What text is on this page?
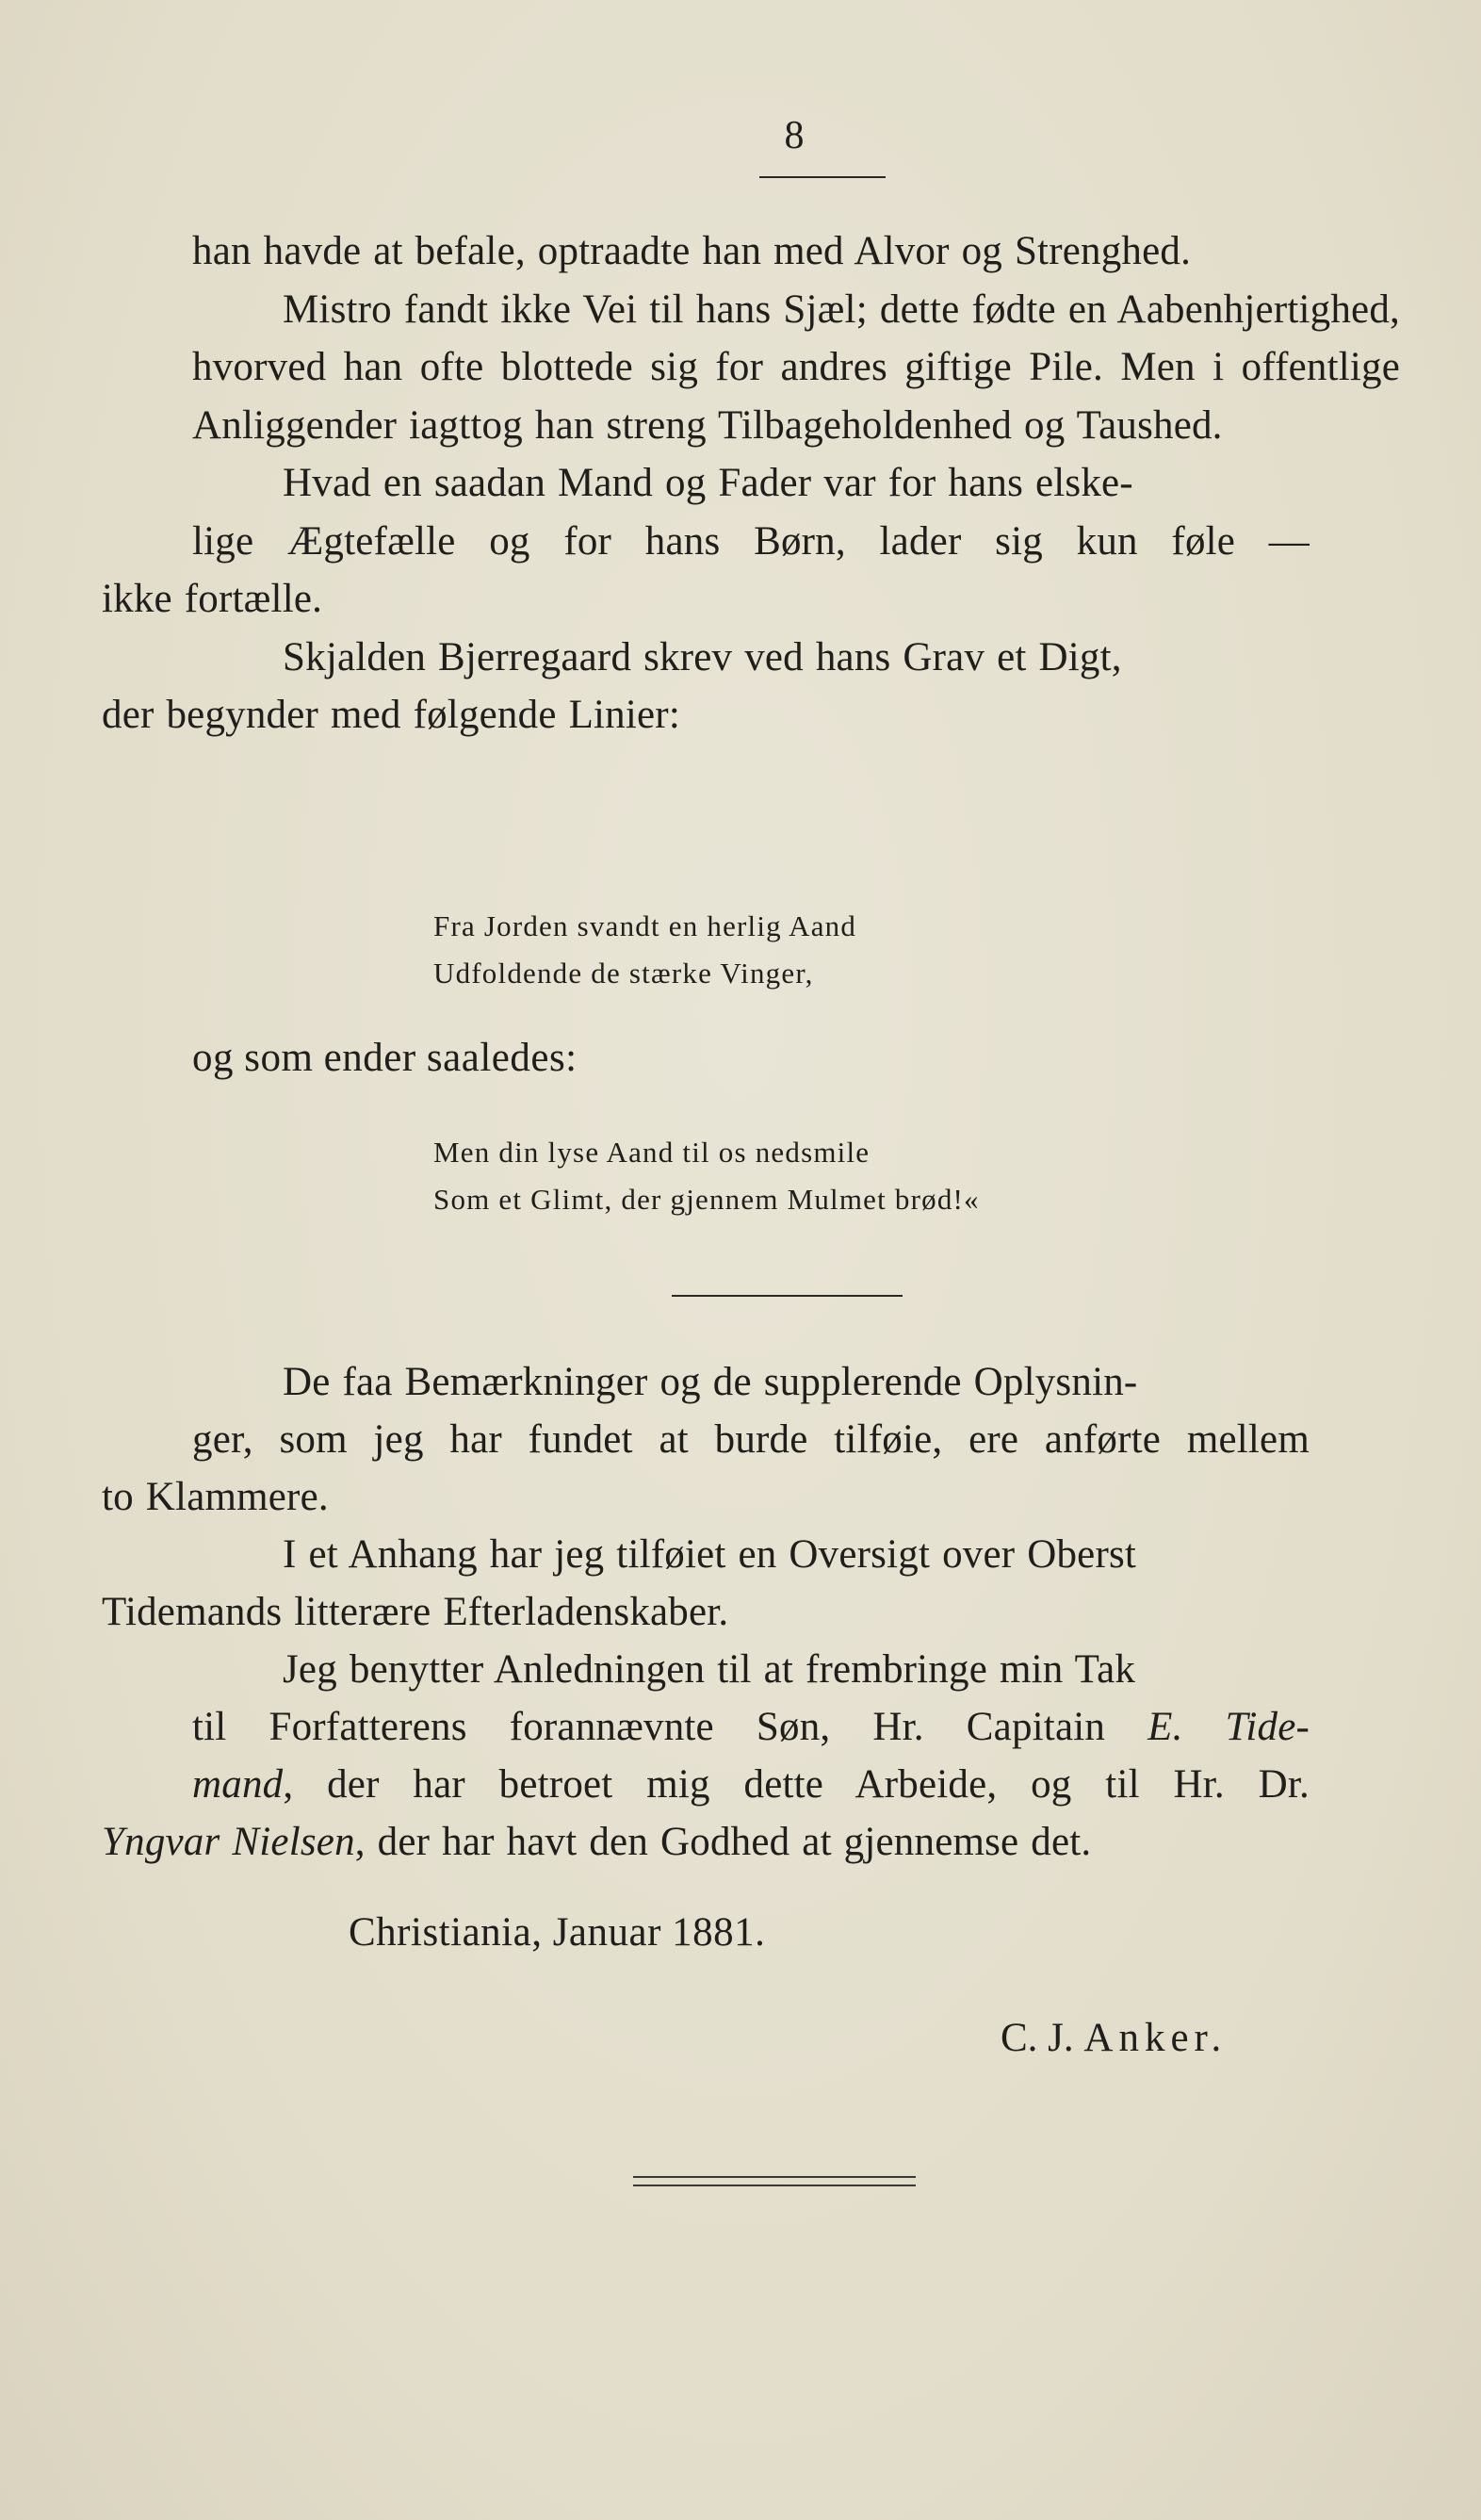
8

han havde at befale, optraadte han med Alvor og Strenghed.

Mistro fandt ikke Vei til hans Sjæl; dette fødte en Aabenhjertighed, hvorved han ofte blottede sig for andres giftige Pile. Men i offentlige Anliggender iagttog han streng Tilbageholdenhed og Taushed.

Hvad en saadan Mand og Fader var for hans elske-
lige Ægtefælle og for hans Børn, lader sig kun føle —
ikke fortælle.

Skjalden Bjerregaard skrev ved hans Grav et Digt,
der begynder med følgende Linier:

Fra Jorden svandt en herlig Aand
Udfoldende de stærke Vinger,
og som ender saaledes:
Men din lyse Aand til os nedsmile
Som et Glimt, der gjennem Mulmet brød!«

De faa Bemærkninger og de supplerende Oplysnin-
ger, som jeg har fundet at burde tilføie, ere anførte mellem
to Klammere.

I et Anhang har jeg tilføiet en Oversigt over Oberst
Tidemands litterære Efterladenskaber.

Jeg benytter Anledningen til at frembringe min Tak
til Forfatterens forannævnte Søn, Hr. Capitain E. Tide-
mand, der har betroet mig dette Arbeide, og til Hr. Dr.
Yngvar Nielsen, der har havt den Godhed at gjennemse det.

Christiania, Januar 1881.
C. J. Anker.
